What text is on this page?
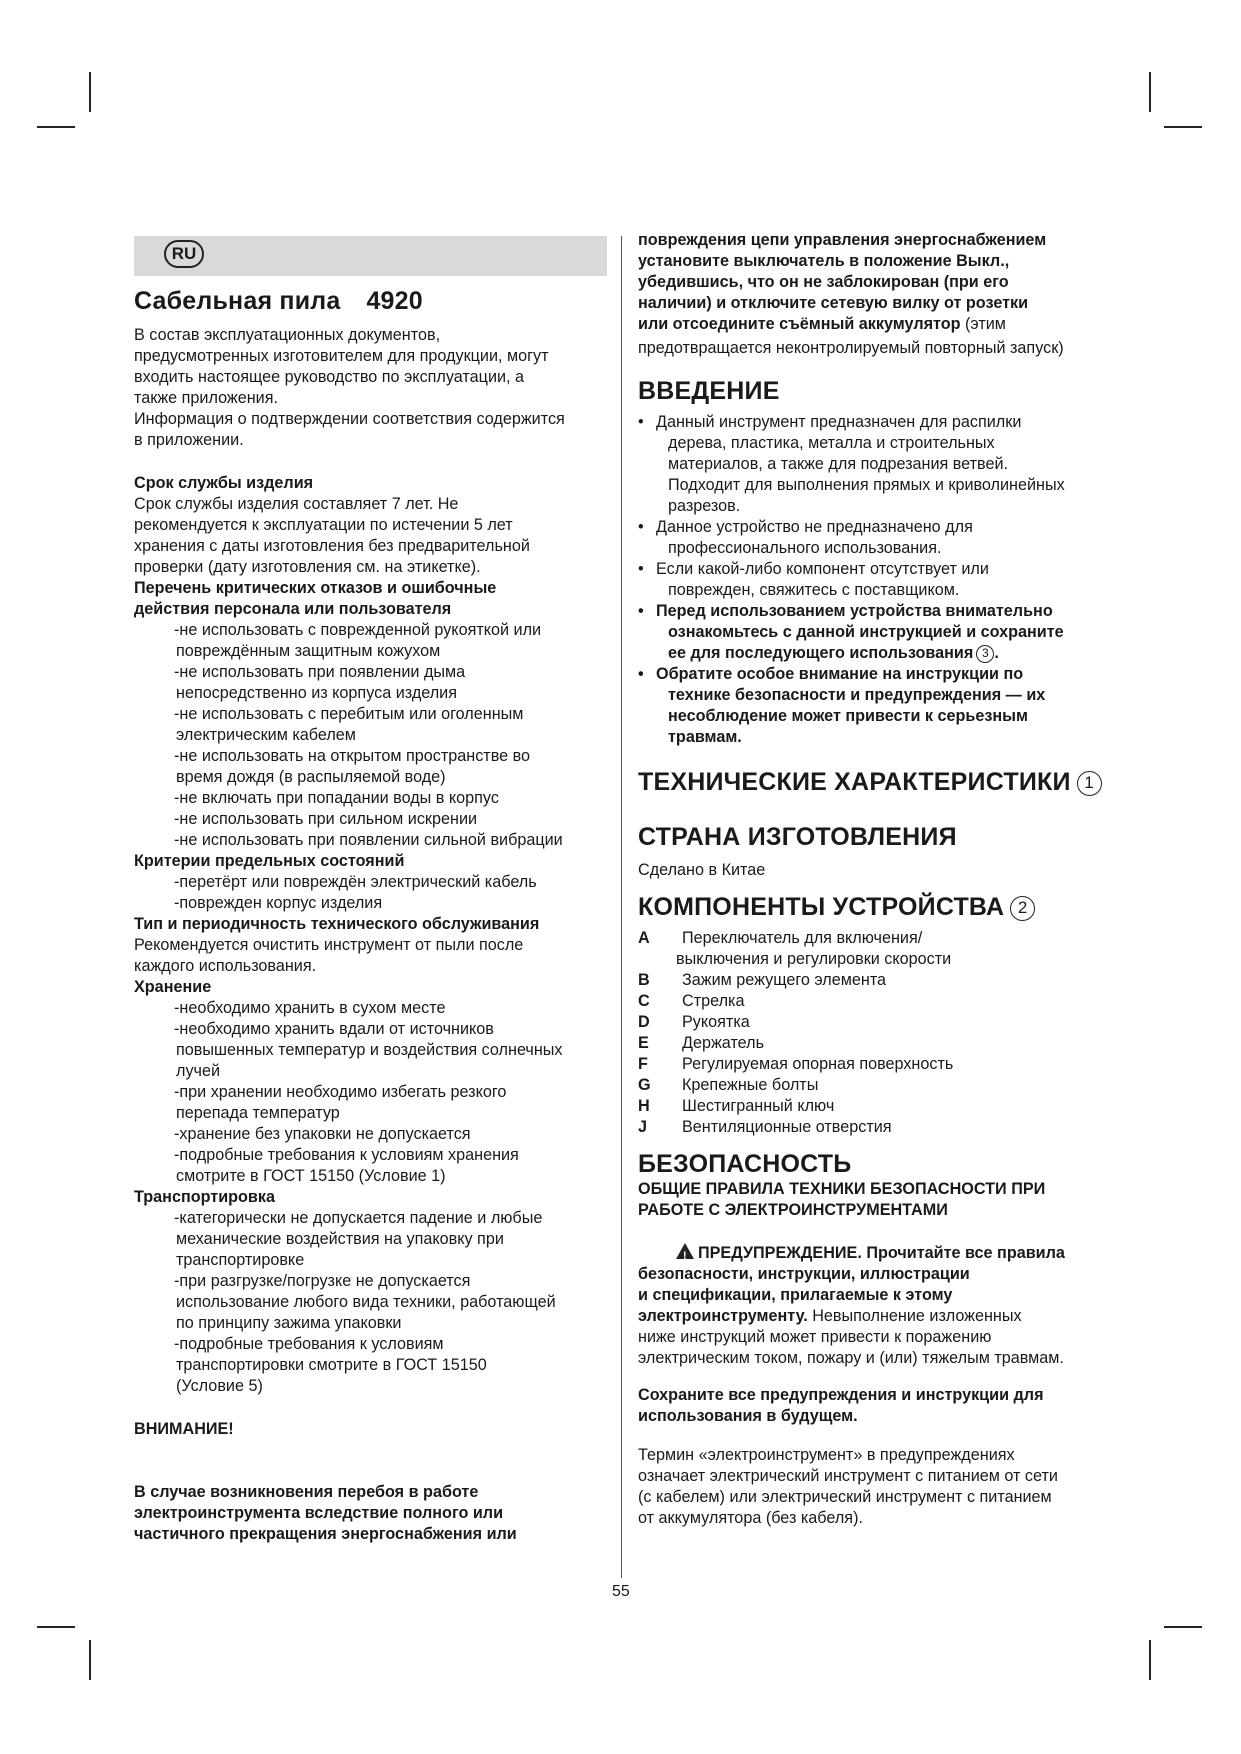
RU
Сабельная пила 4920

В состав эксплуатационных документов,

предусмотренных изготовителем для продукции, могут

входить настоящее руководство по эксплуатации, а

также приложения.

Информация о подтверждении соответствия содержится

в приложении.

Срок службы изделия

Срок службы изделия составляет 7 лет. Не

рекомендуется к эксплуатации по истечении 5 лет

хранения с даты изготовления без предварительной

проверки (дату изготовления см. на этикетке).

Перечень критических отказов и ошибочные

действия персонала или пользователя

-не использовать с поврежденной рукояткой или

повреждённым защитным кожухом

-не использовать при появлении дыма

непосредственно из корпуса изделия

-не использовать с перебитым или оголенным

электрическим кабелем

-не использовать на открытом пространстве во

время дождя (в распыляемой воде)

-не включать при попадании воды в корпус

-не использовать при сильном искрении

-не использовать при появлении сильной вибрации

Критерии предельных состояний

-перетёрт или повреждён электрический кабель

-поврежден корпус изделия

Тип и периодичность технического обслуживания

Рекомендуется очистить инструмент от пыли после

каждого использования.

Хранение

-необходимо хранить в сухом месте

-необходимо хранить вдали от источников

повышенных температур и воздействия солнечных

лучей

-при хранении необходимо избегать резкого

перепада температур

-хранение без упаковки не допускается

-подробные требования к условиям хранения

смотрите в ГОСТ 15150 (Условие 1)

Транспортировка

-категорически не допускается падение и любые

механические воздействия на упаковку при

транспортировке

-при разгрузке/погрузке не допускается

использование любого вида техники, работающей

по принципу зажима упаковки

-подробные требования к условиям

транспортировки смотрите в ГОСТ 15150

(Условие 5)

ВНИМАНИЕ!

В случае возникновения перебоя в работе

электроинструмента вследствие полного или

частичного прекращения энергоснабжения или

повреждения цепи управления энергоснабжением

установите выключатель в положение Выкл.,

убедившись, что он не заблокирован (при его

наличии) и отключите сетевую вилку от розетки

или отсоедините съёмный аккумулятор (этим

предотвращается неконтролируемый повторный запуск)

ВВЕДЕНИЕ

• Данный инструмент предназначен для распилки

дерева, пластика, металла и строительных

материалов, а также для подрезания ветвей.

Подходит для выполнения прямых и криволинейных

разрезов.

• Данное устройство не предназначено для

профессионального использования.

• Если какой-либо компонент отсутствует или

поврежден, свяжитесь с поставщиком.

• Перед использованием устройства внимательно

ознакомьтесь с данной инструкцией и сохраните

ее для последующего использования 3 .

• Обратите особое внимание на инструкции по

технике безопасности и предупреждения — их

несоблюдение может привести к серьезным

травмам.

ТЕХНИЧЕСКИЕ ХАРАКТЕРИСТИКИ 1

СТРАНА ИЗГОТОВЛЕНИЯ

Сделано в Китае

КОМПОНЕНТЫ УСТРОЙСТВА 2

A	Переключатель для включения/
выключения и регулировки скорости
B	Зажим режущего элемента
C	Стрелка
D	Рукоятка
E	Держатель
F	Регулируемая опорная поверхность
G	Крепежные болты
H	Шестигранный ключ
J	Вентиляционные отверстия

БЕЗОПАСНОСТЬ

ОБЩИЕ ПРАВИЛА ТЕХНИКИ БЕЗОПАСНОСТИ ПРИ

РАБОТЕ С ЭЛЕКТРОИНСТРУМЕНТАМИ

!ПРЕДУПРЕЖДЕНИЕ. Прочитайте все правила

безопасности, инструкции, иллюстрации

и спецификации, прилагаемые к этому

электроинструменту. Невыполнение изложенных

ниже инструкций может привести к поражению

электрическим током, пожару и (или) тяжелым травмам.

Сохраните все предупреждения и инструкции для

использования в будущем.

Термин «электроинструмент» в предупреждениях

означает электрический инструмент с питанием от сети

(с кабелем) или электрический инструмент с питанием

от аккумулятора (без кабеля).

55
